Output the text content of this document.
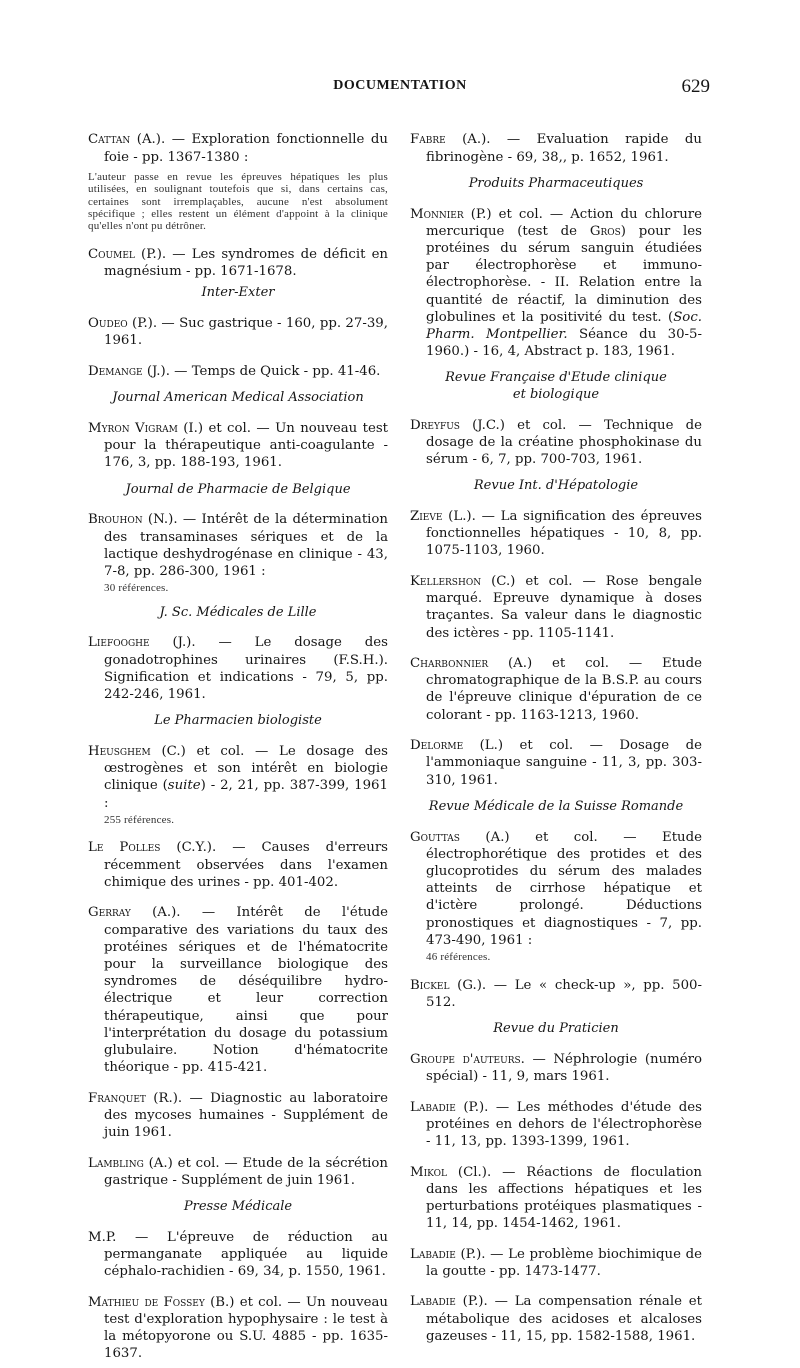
DOCUMENTATION	629

Cattan (A.). — Exploration fonctionnelle du foie - pp. 1367-1380 :

L'auteur passe en revue les épreuves hépatiques les plus utilisées, en soulignant toutefois que si, dans certains cas, certaines sont irremplaçables, aucune n'est absolument spécifique ; elles restent un élément d'appoint à la clinique qu'elles n'ont pu détrôner.

Coumel (P.). — Les syndromes de déficit en magnésium - pp. 1671-1678.

Inter-Exter

Oudeo (P.). — Suc gastrique - 160, pp. 27-39, 1961.

Demange (J.). — Temps de Quick - pp. 41-46.

Journal American Medical Association

Myron Vigram (I.) et col. — Un nouveau test pour la thérapeutique anti-coagulante - 176, 3, pp. 188-193, 1961.

Journal de Pharmacie de Belgique

Brouhon (N.). — Intérêt de la détermination des transaminases sériques et de la lactique deshydrogénase en clinique - 43, 7-8, pp. 286-300, 1961 :

30 références.

J. Sc. Médicales de Lille

Liefooghe (J.). — Le dosage des gonadotrophines urinaires (F.S.H.). Signification et indications - 79, 5, pp. 242-246, 1961.

Le Pharmacien biologiste

Heusghem (C.) et col. — Le dosage des œstrogènes et son intérêt en biologie clinique (suite) - 2, 21, pp. 387-399, 1961 :

255 références.

Le Polles (C.Y.). — Causes d'erreurs récemment observées dans l'examen chimique des urines - pp. 401-402.

Gerray (A.). — Intérêt de l'étude comparative des variations du taux des protéines sériques et de l'hématocrite pour la surveillance biologique des syndromes de déséquilibre hydro-électrique et leur correction thérapeutique, ainsi que pour l'interprétation du dosage du potassium glubulaire. Notion d'hématocrite théorique - pp. 415-421.

Franquet (R.). — Diagnostic au laboratoire des mycoses humaines - Supplément de juin 1961.

Lambling (A.) et col. — Etude de la sécrétion gastrique - Supplément de juin 1961.

Presse Médicale

M.P. — L'épreuve de réduction au permanganate appliquée au liquide céphalo-rachidien - 69, 34, p. 1550, 1961.

Mathieu de Fossey (B.) et col. — Un nouveau test d'exploration hypophysaire : le test à la métopyorone ou S.U. 4885 - pp. 1635-1637.

Fabre (A.). — Evaluation rapide du fibrinogène - 69, 38,, p. 1652, 1961.

Produits Pharmaceutiques

Monnier (P.) et col. — Action du chlorure mercurique (test de Gros) pour les protéines du sérum sanguin étudiées par électrophorèse et immuno-électrophorèse. - II. Relation entre la quantité de réactif, la diminution des globulines et la positivité du test. (Soc. Pharm. Montpellier. Séance du 30-5-1960.) - 16, 4, Abstract p. 183, 1961.

Revue Française d'Etude clinique
et biologique

Dreyfus (J.C.) et col. — Technique de dosage de la créatine phosphokinase du sérum - 6, 7, pp. 700-703, 1961.

Revue Int. d'Hépatologie

Zieve (L.). — La signification des épreuves fonctionnelles hépatiques - 10, 8, pp. 1075-1103, 1960.

Kellershon (C.) et col. — Rose bengale marqué. Epreuve dynamique à doses traçantes. Sa valeur dans le diagnostic des ictères - pp. 1105-1141.

Charbonnier (A.) et col. — Etude chromatographique de la B.S.P. au cours de l'épreuve clinique d'épuration de ce colorant - pp. 1163-1213, 1960.

Delorme (L.) et col. — Dosage de l'ammoniaque sanguine - 11, 3, pp. 303-310, 1961.

Revue Médicale de la Suisse Romande

Gouttas (A.) et col. — Etude électrophorétique des protides et des glucoprotides du sérum des malades atteints de cirrhose hépatique et d'ictère prolongé. Déductions pronostiques et diagnostiques - 7, pp. 473-490, 1961 :

46 références.

Bickel (G.). — Le « check-up », pp. 500-512.

Revue du Praticien

Groupe d'auteurs. — Néphrologie (numéro spécial) - 11, 9, mars 1961.

Labadie (P.). — Les méthodes d'étude des protéines en dehors de l'électrophorèse - 11, 13, pp. 1393-1399, 1961.

Mikol (Cl.). — Réactions de floculation dans les affections hépatiques et les perturbations protéiques plasmatiques - 11, 14, pp. 1454-1462, 1961.

Labadie (P.). — Le problème biochimique de la goutte - pp. 1473-1477.

Labadie (P.). — La compensation rénale et métabolique des acidoses et alcaloses gazeuses - 11, 15, pp. 1582-1588, 1961.
